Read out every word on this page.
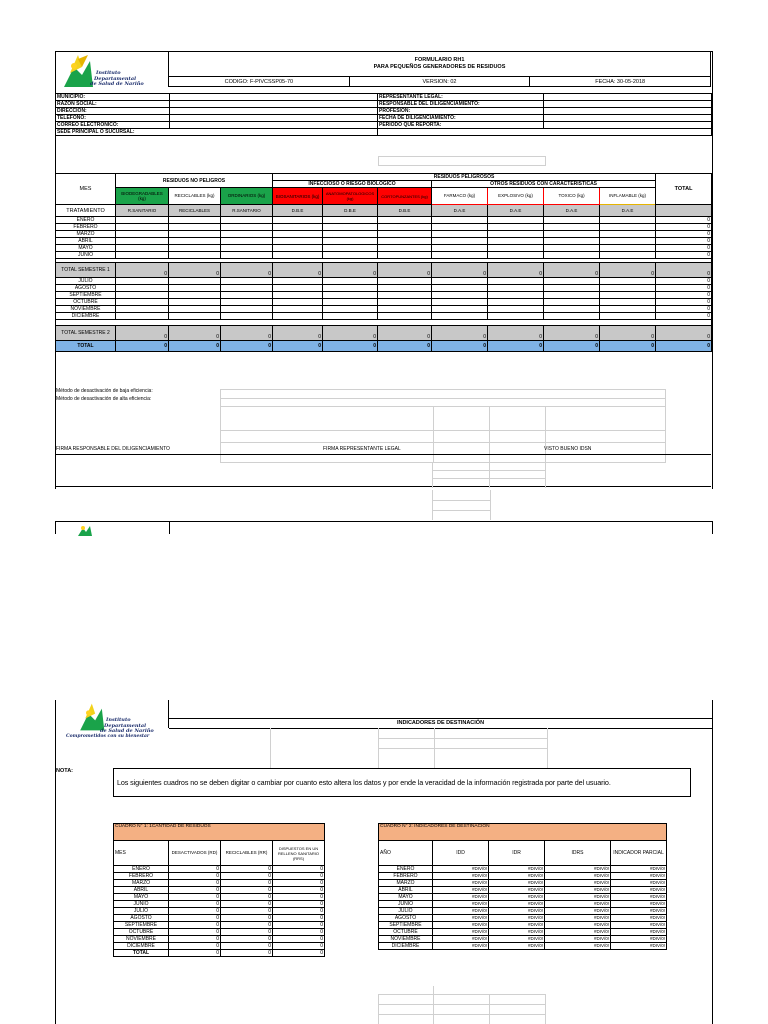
Instituto
Departamental
de Salud de Nariño
FORMULARIO RH1
PARA PEQUEÑOS GENERADORES DE RESIDUOS

CODIGO: F-PIVCSSP05-70	VERSION: 02	FECHA: 30-05-2018
MUNICIPIO:		REPRESENTANTE LEGAL:	
RAZON SOCIAL:		RESPONSABLE DEL DILIGENCIAMIENTO:	
DIRECCIÓN:		PROFESION:	
TELEFONO:		FECHA DE DILIGENCIAMIENTO:	
CORREO ELECTRONICO:		PERIODO QUE REPORTA:	
SEDE PRINCIPAL O SUCURSAL:			
MES	RESIDUOS NO PELIGROS			RESIDUOS PELIGROSOS							TOTAL
				INFECCIOSO O RIESGO BIOLOGICO			OTROS RESIDUOS CON CARACTERISTICAS				
	BIODEGRADABLES (kg)	RECICLABLES (kg)	ORDINARIOS (kg)	BIOSANITARIOS (kg)	ANATOMOPATOLOGICOS (kg)	CORTOPUNZANTES (kg)	FARMACO (kg)	EXPLOSIVO (kg)	TOXICO (kg)	INFLAMABLE (kg)	
TRATAMIENTO	R.SANITARIO	RECICLABLES	R.SANITARIO	D.B.E	D.B.E	D.B.E	D.A.E	D.A.E	D.A.E	D.A.E	
ENERO											0
FEBRERO											0
MARZO											0
ABRIL											0
MAYO											0
JUNIO											0

TOTAL SEMESTRE 1	0	0	0	0	0	0	0	0	0	0	0
JULIO											0
AGOSTO											0
SEPTIEMBRE											0
OCTUBRE											0
NOVIEMBRE											0
DICIEMBRE											0

TOTAL SEMESTRE 2	0	0	0	0	0	0	0	0	0	0	0
TOTAL	0	0	0	0	0	0	0	0	0	0	0
Método de desactivación de baja eficiencia:
Método de desactivación de alta eficiencia:
FIRMA RESPONSABLE DEL DILIGENCIAMIENTO	FIRMA REPRESENTANTE LEGAL	VISTO BUENO IDSN
Instituto
Departamental
de Salud de Nariño
Comprometidos con su bienestar
INDICADORES DE DESTINACIÓN
NOTA:
Los siguientes cuadros no se deben digitar o cambiar por cuanto esto altera los datos y por ende la veracidad de la información registrada por parte del usuario.
CUADRO N° 1: 1CANTIDAD DE RESIDUOS			
MES	DESACTIVADOS (RD)	RECICLABLES (RR)	DISPUESTOS EN UN RELLENO SANITARIO (RRS)
ENERO	0	0	0
FEBRERO	0	0	0
MARZO	0	0	0
ABRIL	0	0	0
MAYO	0	0	0
JUNIO	0	0	0
JULIO	0	0	0
AGOSTO	0	0	0
SEPTIEMBRE	0	0	0
OCTUBRE	0	0	0
NOVIEMBRE	0	0	0
DICIEMBRE	0	0	0
TOTAL	0	0	0
CUADRO N° 2: INDICADORES DE DESTINACIÓN				
AÑO	IDD	IDR	IDRS	INDICADOR PARCIAL
ENERO	#DIV/0!	#DIV/0!	#DIV/0!	#DIV/0!
FEBRERO	#DIV/0!	#DIV/0!	#DIV/0!	#DIV/0!
MARZO	#DIV/0!	#DIV/0!	#DIV/0!	#DIV/0!
ABRIL	#DIV/0!	#DIV/0!	#DIV/0!	#DIV/0!
MAYO	#DIV/0!	#DIV/0!	#DIV/0!	#DIV/0!
JUNIO	#DIV/0!	#DIV/0!	#DIV/0!	#DIV/0!
JULIO	#DIV/0!	#DIV/0!	#DIV/0!	#DIV/0!
AGOSTO	#DIV/0!	#DIV/0!	#DIV/0!	#DIV/0!
SEPTIEMBRE	#DIV/0!	#DIV/0!	#DIV/0!	#DIV/0!
OCTUBRE	#DIV/0!	#DIV/0!	#DIV/0!	#DIV/0!
NOVIEMBRE	#DIV/0!	#DIV/0!	#DIV/0!	#DIV/0!
DICIEMBRE	#DIV/0!	#DIV/0!	#DIV/0!	#DIV/0!
